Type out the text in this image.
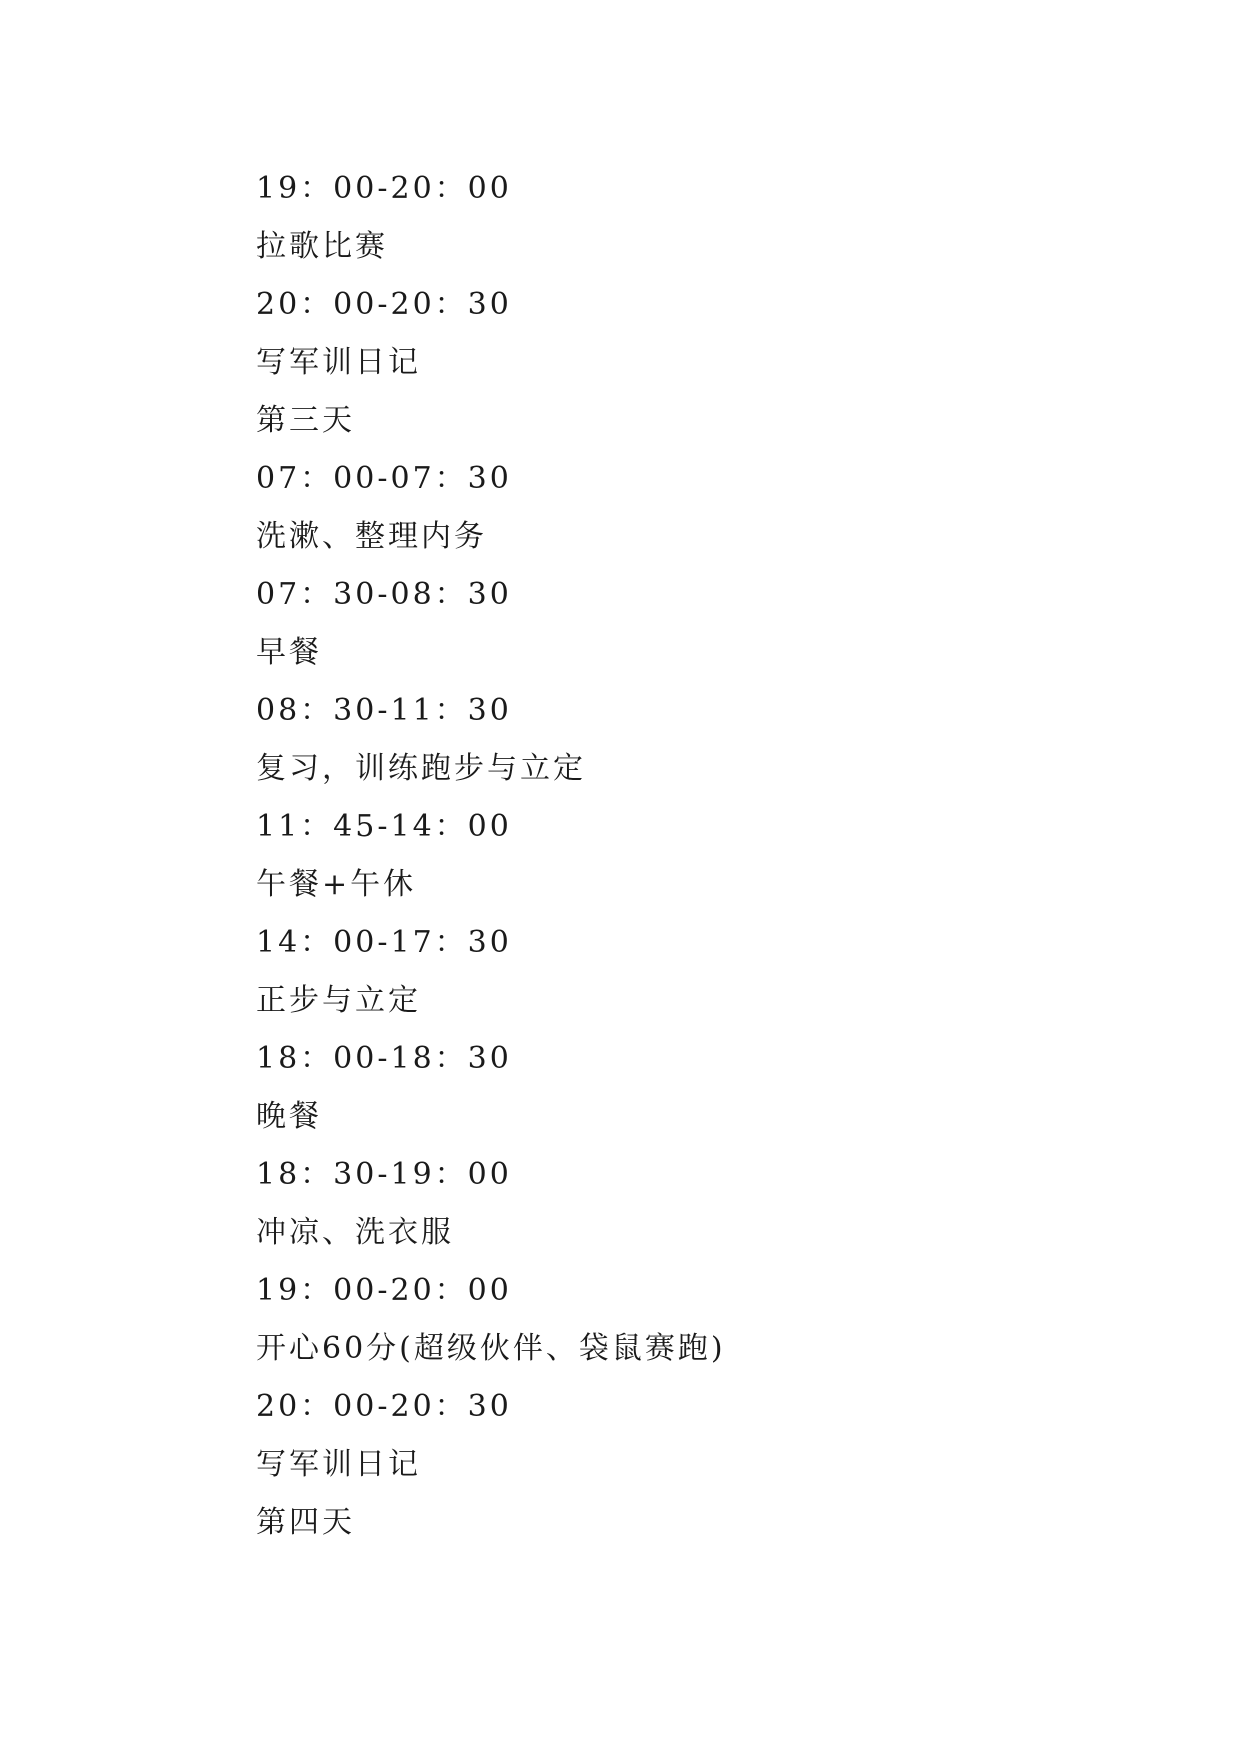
19：00-20：00
拉歌比赛
20：00-20：30
写军训日记
第三天
07：00-07：30
洗漱、整理内务
07：30-08：30
早餐
08：30-11：30
复习，训练跑步与立定
11：45-14：00
午餐+午休
14：00-17：30
正步与立定
18：00-18：30
晚餐
18：30-19：00
冲凉、洗衣服
19：00-20：00
开心60分(超级伙伴、袋鼠赛跑)
20：00-20：30
写军训日记
第四天
